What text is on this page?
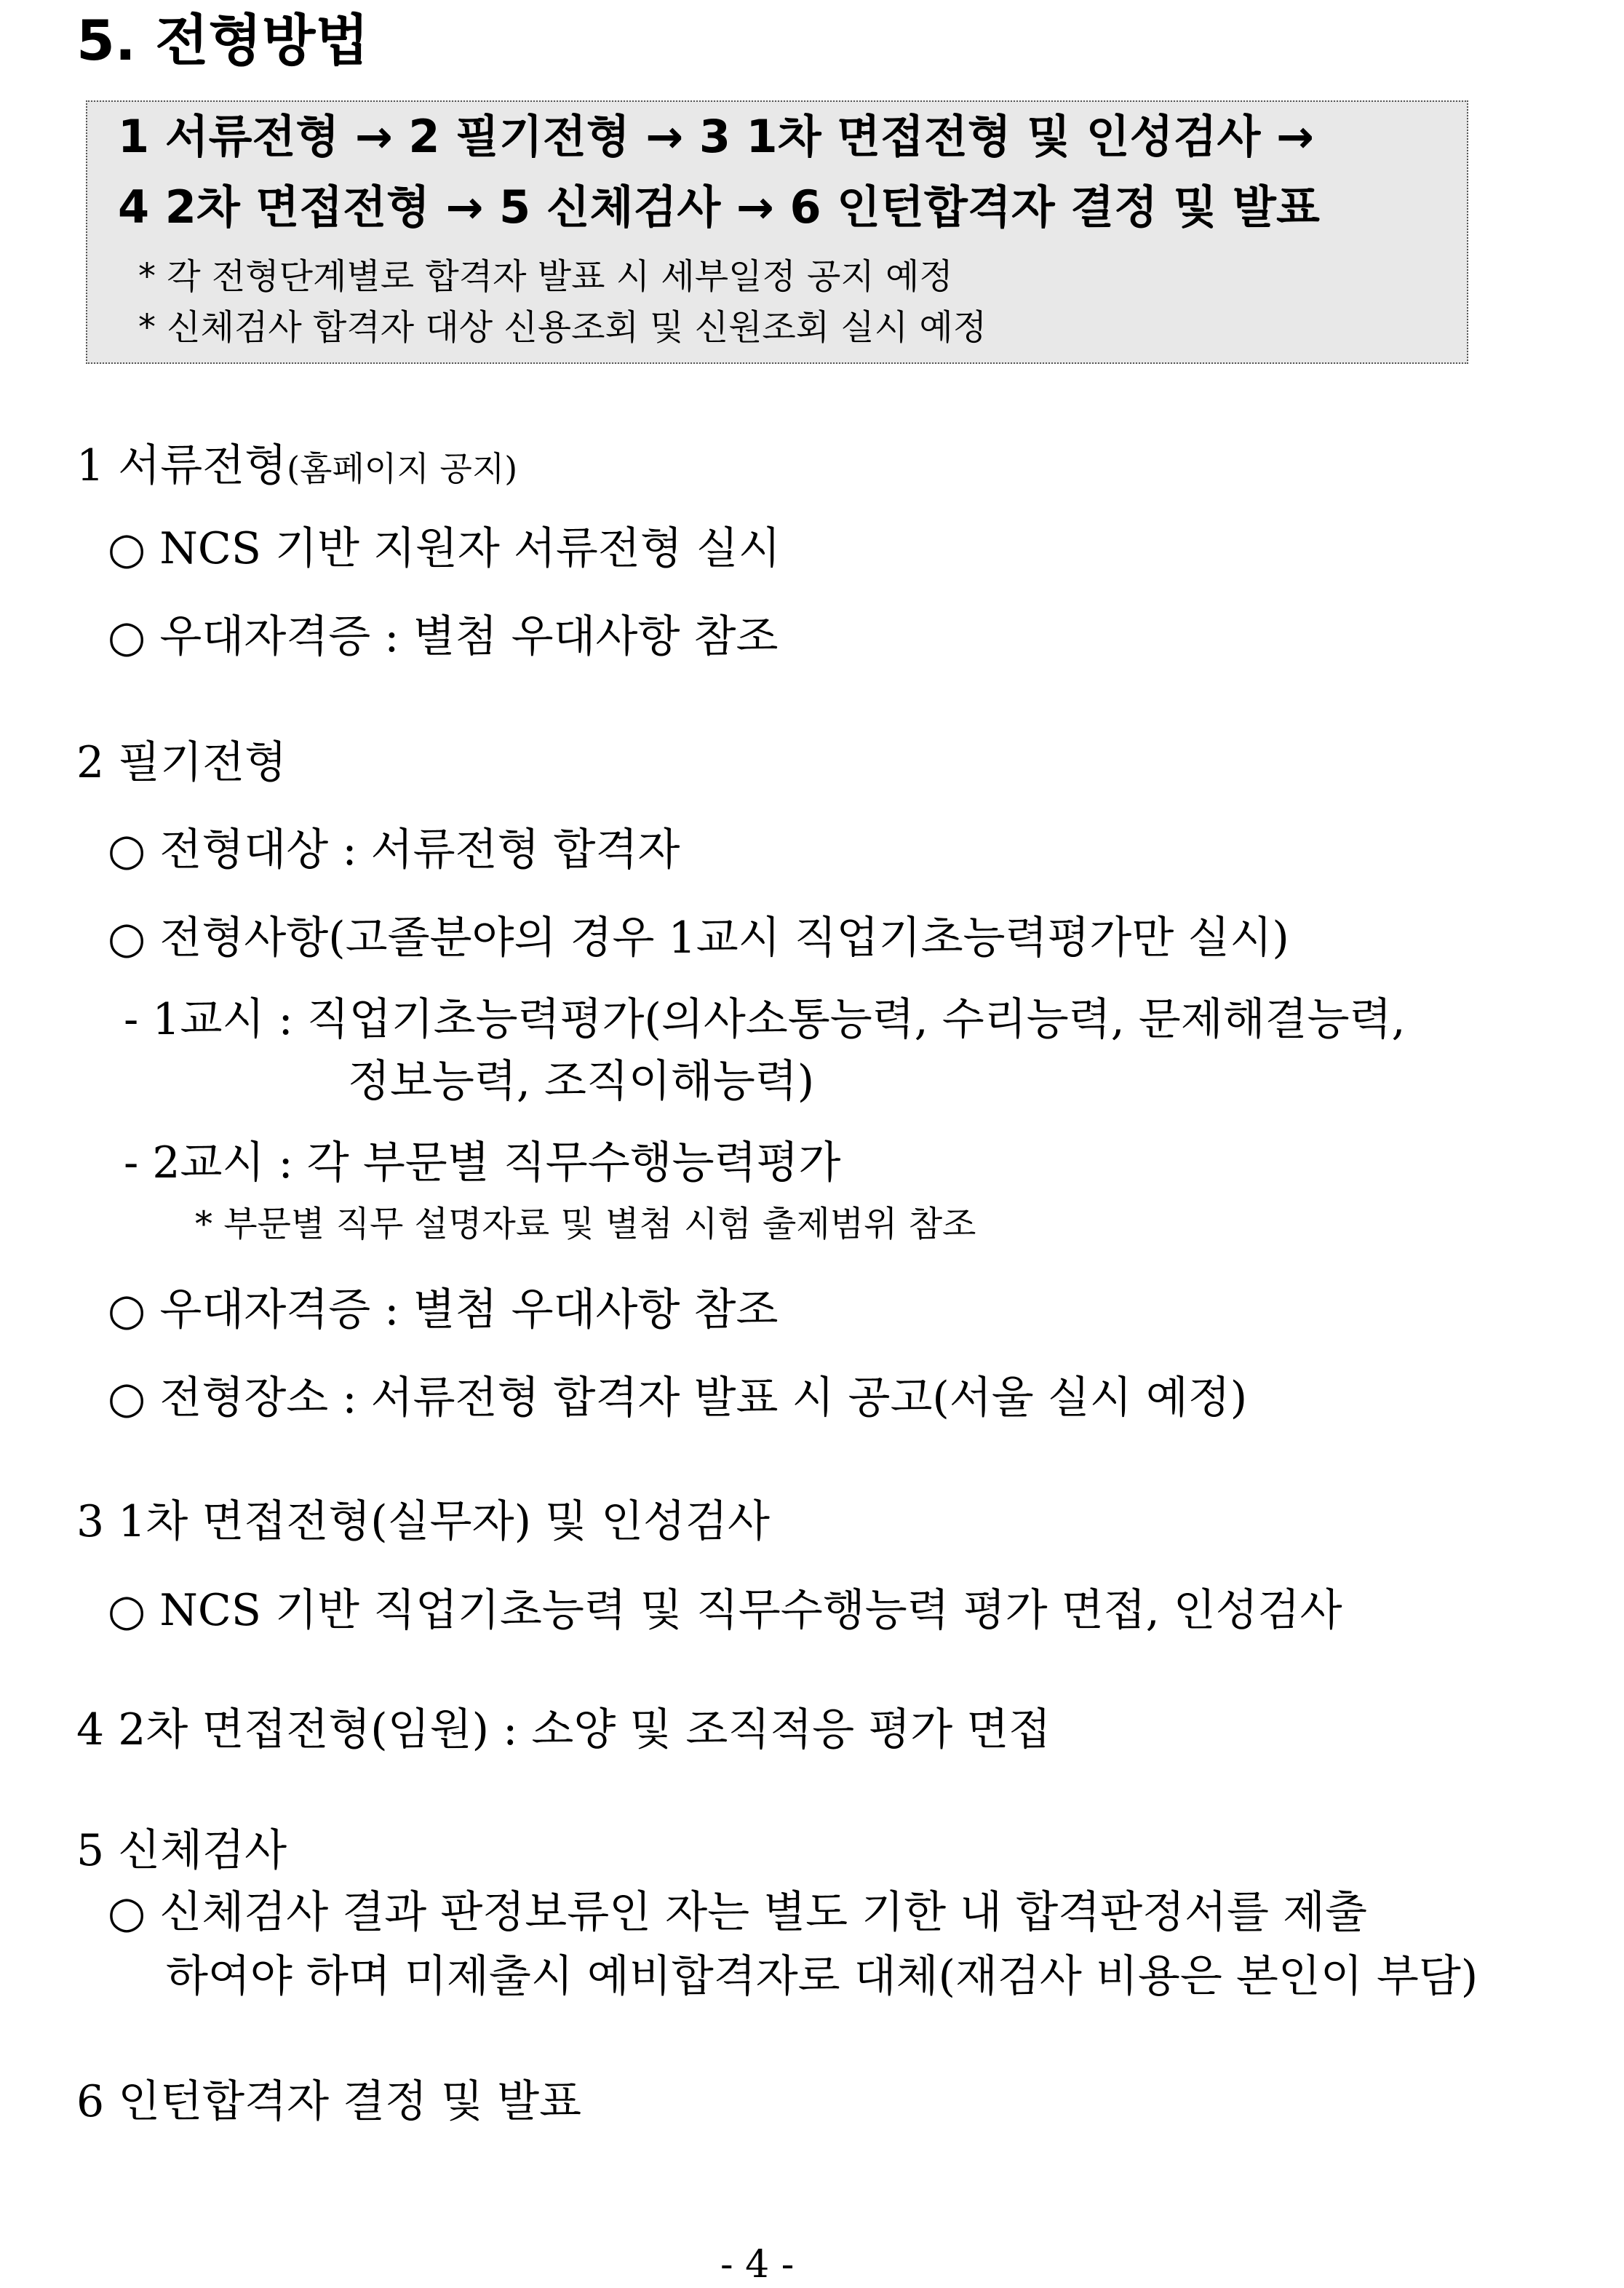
5. 전형방법
1 서류전형 → 2 필기전형 → 3 1차 면접전형 및 인성검사 →
4 2차 면접전형 → 5 신체검사 → 6 인턴합격자 결정 및 발표
* 각 전형단계별로 합격자 발표 시 세부일정 공지 예정
* 신체검사 합격자 대상 신용조회 및 신원조회 실시 예정
1 서류전형(홈페이지 공지)
○ NCS 기반 지원자 서류전형 실시
○ 우대자격증 : 별첨 우대사항 참조
2 필기전형
○ 전형대상 : 서류전형 합격자
○ 전형사항(고졸분야의 경우 1교시 직업기초능력평가만 실시)
- 1교시 : 직업기초능력평가(의사소통능력, 수리능력, 문제해결능력,
정보능력, 조직이해능력)
- 2교시 : 각 부문별 직무수행능력평가
* 부문별 직무 설명자료 및 별첨 시험 출제범위 참조
○ 우대자격증 : 별첨 우대사항 참조
○ 전형장소 : 서류전형 합격자 발표 시 공고(서울 실시 예정)
3 1차 면접전형(실무자) 및 인성검사
○ NCS 기반 직업기초능력 및 직무수행능력 평가 면접, 인성검사
4 2차 면접전형(임원) : 소양 및 조직적응 평가 면접
5 신체검사
○ 신체검사 결과 판정보류인 자는 별도 기한 내 합격판정서를 제출
하여야 하며 미제출시 예비합격자로 대체(재검사 비용은 본인이 부담)
6 인턴합격자 결정 및 발표
- 4 -
